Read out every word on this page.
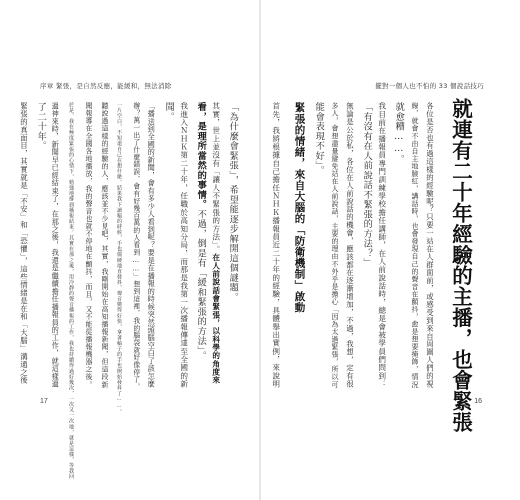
序章 緊張，是自然反應，能緩和，無法消除	擺對一個人也不怕的 33 個說話技巧
就連有二十年經驗的主播，也會緊張
各位是否也有過這樣的經驗呢？只要一站在人群面前，或感受到來自周圍人們的視
線，就會不由自主地臉紅，講話時，也會發現自己的聲音在顫抖，愈是想要掩飾，情況
就愈糟……。
我目前在播報員專門訓練學校擔任講師，在人前說話時，總是會被學員們問到：
「有沒有在人前說話不緊張的方法？」
無論是公於私，各位在人前說話的機會，應該都在逐漸增加，不過，我想，定有很
多人，會想盡量避免站在人前說話，主要的理由不外乎是擔心「因為太過緊張，所以可
能會表現不好」。
緊張的情緒，來自大腦的「防衛機制」啟動
首先，我將根據自己擔任ＮＨＫ播報員近二十年的經驗，具體舉出實例，來說明
「為什麼會緊張」，希望能逐步解開這個謎題。
其實，世上並沒有「讓人不緊張的方法」。在人前說話會緊張，以科學的角度來
看，是理所當然的事情。不過，倒是有「緩和緊張的方法」。
我進入ＮＨＫ第二十年，任職於高知分局，而那是我第一次播報傳達至全國的新
聞。
「播送到全國的新聞，會有多少人看到呢？要是在播報的時候突然頭腦空白了該怎麼
辦？萬一出了什麼錯誤，會有好幾百萬的人看到……」想到這裡，我的腦袋就好像停了，
一片空白，不知道自己在想什麼。結果我下讀稿的時候，手也僵硬地直發抖，聲音變得好快，拿著稿子的手也開始發抖了……。
聽說過這樣的經驗的人，應該並不少見吧，其實，我剛開始在高知播報新聞，但這段新
聞報導在全國各地播放，我的聲音也就不停地在顫抖，而且，又不能從播報機器之後。
於是，我在極度緊張的心情下，勉強地撐到播報結束。其實在那之後，用冷靜的聲音播報的工作，我也持續得過好幾次，一次又一次地，就是這樣，等我回
過神來時，新聞早已經結束了，在那之後，我還是繼續擔任播報員的工作，就這樣過
了二十年。
緊張的真面目，其實就是「不安」和「恐懼」，這些情緒是在和「大腦」溝通之後
17	16
